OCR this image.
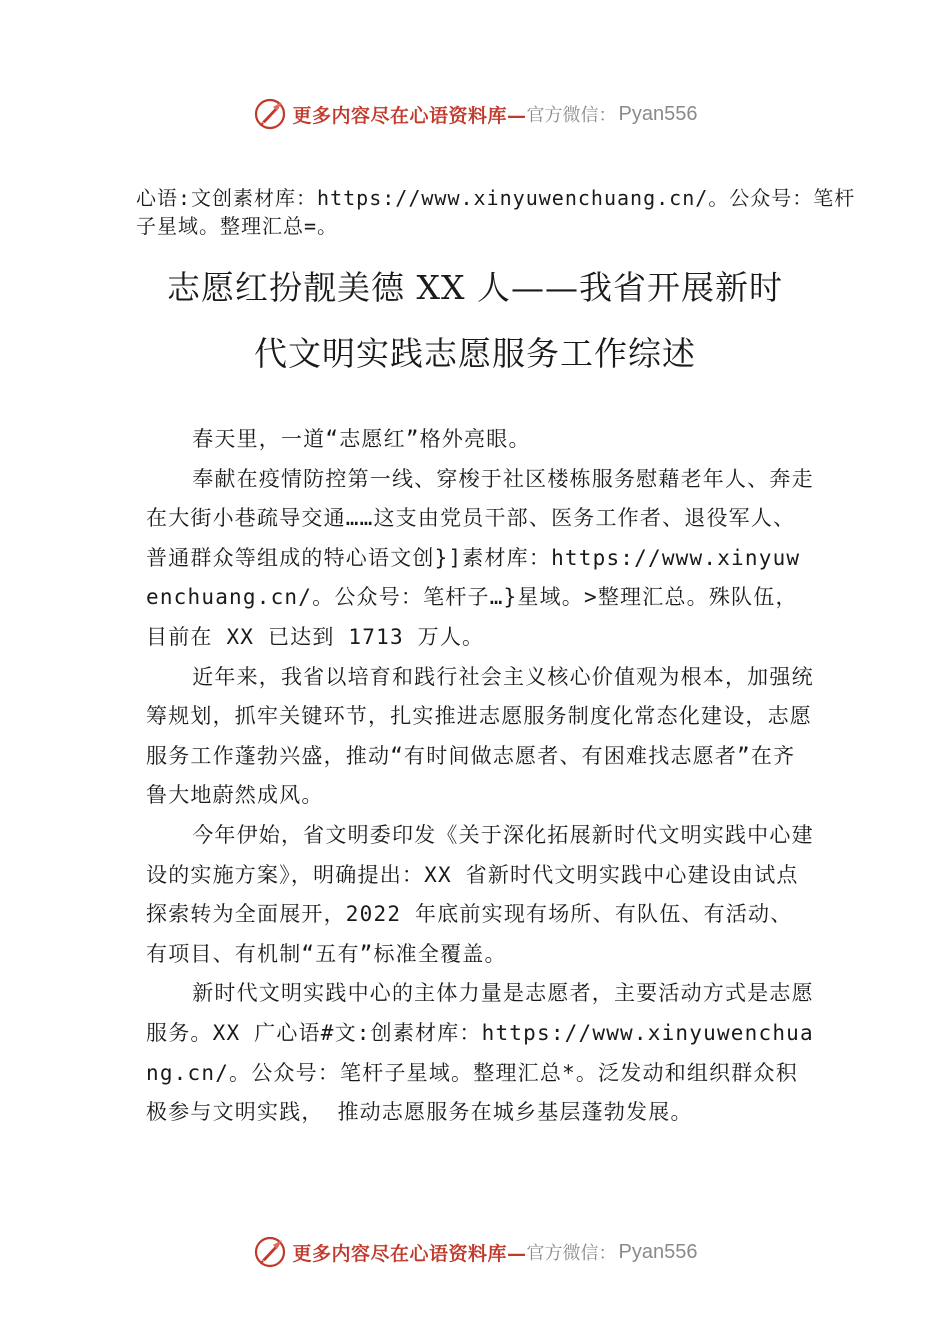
更多内容尽在心语资料库— 官方微信： Pyan556
心语:文创素材库：https://www.xinyuwenchuang.cn/。公众号：笔杆子星域。整理汇总=。
志愿红扮靓美德 XX 人——我省开展新时
代文明实践志愿服务工作综述

春天里，一道“志愿红”格外亮眼。

奉献在疫情防控第一线、穿梭于社区楼栋服务慰藉老年人、奔走在大街小巷疏导交通……这支由党员干部、医务工作者、退役军人、普通群众等组成的特心语文创}]素材库：https://www.xinyuwenchuang.cn/。公众号：笔杆子…}星域。>整理汇总。殊队伍，目前在 XX 已达到 1713 万人。

近年来，我省以培育和践行社会主义核心价值观为根本，加强统筹规划，抓牢关键环节，扎实推进志愿服务制度化常态化建设，志愿服务工作蓬勃兴盛，推动“有时间做志愿者、有困难找志愿者”在齐鲁大地蔚然成风。

今年伊始，省文明委印发《关于深化拓展新时代文明实践中心建设的实施方案》，明确提出：XX 省新时代文明实践中心建设由试点探索转为全面展开，2022 年底前实现有场所、有队伍、有活动、有项目、有机制“五有”标准全覆盖。

新时代文明实践中心的主体力量是志愿者，主要活动方式是志愿服务。XX 广心语#文:创素材库：https://www.xinyuwenchuang.cn/。公众号：笔杆子星域。整理汇总*。泛发动和组织群众积极参与文明实践， 推动志愿服务在城乡基层蓬勃发展。

更多内容尽在心语资料库— 官方微信： Pyan556
